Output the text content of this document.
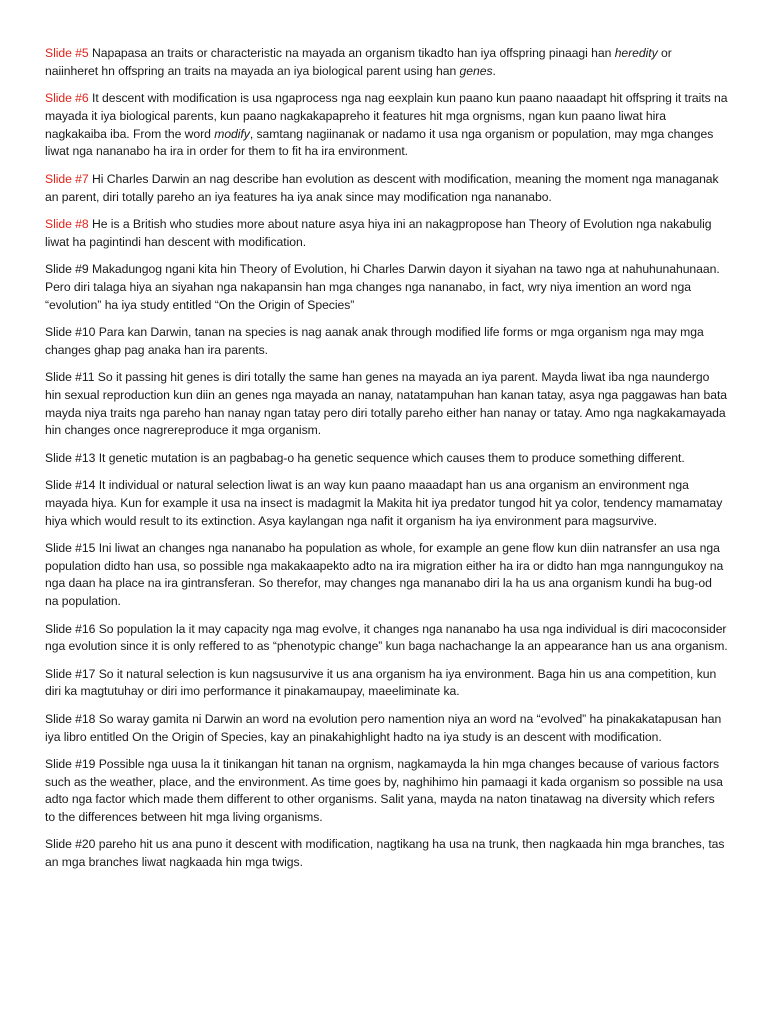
Slide #5 Napapasa an traits or characteristic na mayada an organism tikadto han iya offspring pinaagi han heredity or naiinheret hn offspring an traits na mayada an iya biological parent using han genes.

Slide #6 It descent with modification is usa ngaprocess nga nag eexplain kun paano kun paano naaadapt hit offspring it traits na mayada it iya biological parents, kun paano nagkakapapreho it features hit mga orgnisms, ngan kun paano liwat hira nagkakaiba iba. From the word modify, samtang nagiinanak or nadamo it usa nga organism or population, may mga changes liwat nga nananabo ha ira in order for them to fit ha ira environment.

Slide #7 Hi Charles Darwin an nag describe han evolution as descent with modification, meaning the moment nga managanak an parent, diri totally pareho an iya features ha iya anak since may modification nga nananabo.

Slide #8 He is a British who studies more about nature asya hiya ini an nakagpropose han Theory of Evolution nga nakabulig liwat ha pagintindi han descent with modification.

Slide #9 Makadungog ngani kita hin Theory of Evolution, hi Charles Darwin dayon it siyahan na tawo nga at nahuhunahunaan. Pero diri talaga hiya an siyahan nga nakapansin han mga changes nga nananabo, in fact, wry niya imention an word nga “evolution” ha iya study entitled “On the Origin of Species”

Slide #10 Para kan Darwin, tanan na species is nag aanak anak through modified life forms or mga organism nga may mga changes ghap pag anaka han ira parents.

Slide #11 So it passing hit genes is diri totally the same han genes na mayada an iya parent. Mayda liwat iba nga naundergo hin sexual reproduction kun diin an genes nga mayada an nanay, natatampuhan han kanan tatay, asya nga paggawas han bata mayda niya traits nga pareho han nanay ngan tatay pero diri totally pareho either han nanay or tatay. Amo nga nagkakamayada hin changes once nagrereproduce it mga organism.

Slide #13 It genetic mutation is an pagbabag-o ha genetic sequence which causes them to produce something different.

Slide #14 It individual or natural selection liwat is an way kun paano maaadapt han us ana organism an environment nga mayada hiya. Kun for example it usa na insect is madagmit la Makita hit iya predator tungod hit ya color, tendency mamamatay hiya which would result to its extinction. Asya kaylangan nga nafit it organism ha iya environment para magsurvive.

Slide #15 Ini liwat an changes nga nananabo ha population as whole, for example an gene flow kun diin natransfer an usa nga population didto han usa, so possible nga makakaapekto adto na ira migration either ha ira or didto han mga nanngungukoy na nga daan ha place na ira gintransferan. So therefor, may changes nga mananabo diri la ha us ana organism kundi ha bug-od na population.

Slide #16 So population la it may capacity nga mag evolve, it changes nga nananabo ha usa nga individual is diri macoconsider nga evolution since it is only reffered to as “phenotypic change” kun baga nachachange la an appearance han us ana organism.

Slide #17 So it natural selection is kun nagsusurvive it us ana organism ha iya environment. Baga hin us ana competition, kun diri ka magtutuhay or diri imo performance it pinakamaupay, maeeliminate ka.

Slide #18 So waray gamita ni Darwin an word na evolution pero namention niya an word na “evolved” ha pinakakatapusan han iya libro entitled On the Origin of Species, kay an pinakahighlight hadto na iya study is an descent with modification.

Slide #19 Possible nga uusa la it tinikangan hit tanan na orgnism, nagkamayda la hin mga changes because of various factors such as the weather, place, and the environment. As time goes by, naghihimo hin pamaagi it kada organism so possible na usa adto nga factor which made them different to other organisms. Salit yana, mayda na naton tinatawag na diversity which refers to the differences between hit mga living organisms.

Slide #20 pareho hit us ana puno it descent with modification, nagtikang ha usa na trunk, then nagkaada hin mga branches, tas an mga branches liwat nagkaada hin mga twigs.
